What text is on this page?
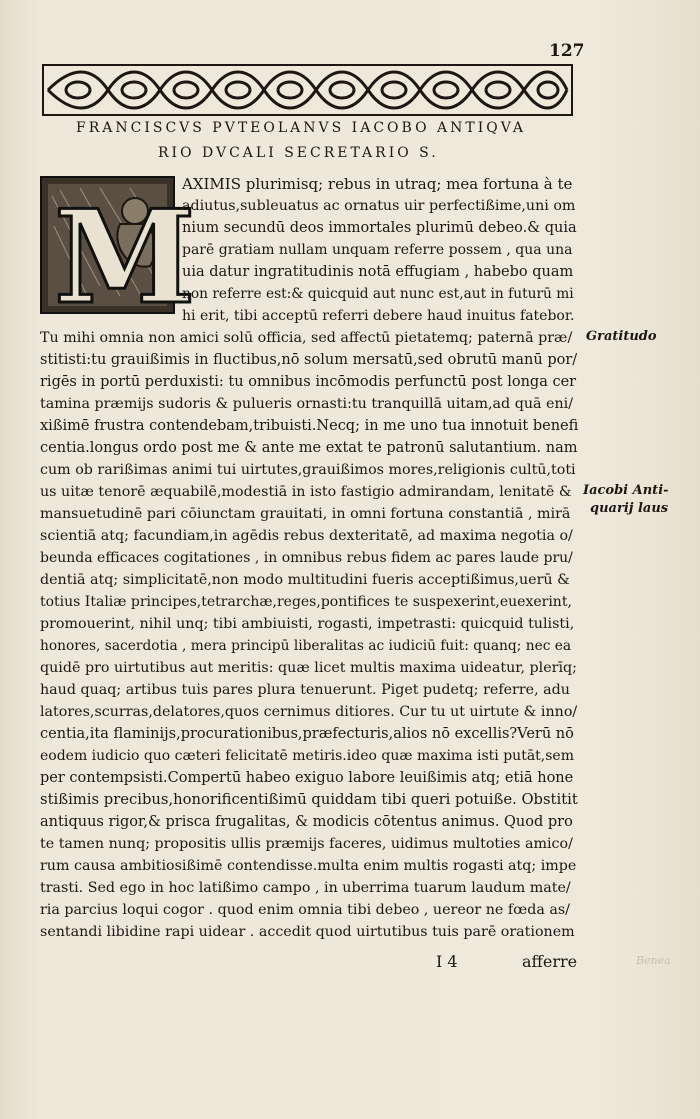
127
FRANCISCVS PVTEOLANVS IACOBO ANTIQVA
RIO DVCALI SECRETARIO S.
M
AXIMIS plurimisq; rebus in utraq; mea fortuna à te
adiutus,subleuatus ac ornatus uir perfectißime,uni om
nium secundū deos immortales plurimū debeo.& quia
parē gratiam nullam unquam referre possem , qua una
uia datur ingratitudinis notā effugiam , habebo quam
non referre est:& quicquid aut nunc est,aut in futurū mi
hi erit, tibi acceptū referri debere haud inuitus fatebor.
Tu mihi omnia non amici solū officia, sed affectū pietatemq; paternā præ/
stitisti:tu grauißimis in fluctibus,nō solum mersatū,sed obrutū manū por/
rigēs in portū perduxisti: tu omnibus incōmodis perfunctū post longa cer
tamina præmijs sudoris & pulueris ornasti:tu tranquillā uitam,ad quā eni/
xißimē frustra contendebam,tribuisti.Necq; in me uno tua innotuit benefi
centia.longus ordo post me & ante me extat te patronū salutantium. nam
cum ob rarißimas animi tui uirtutes,grauißimos mores,religionis cultū,toti
us uitæ tenorē æquabilē,modestiā in isto fastigio admirandam, lenitatē &
mansuetudinē pari cōiunctam grauitati, in omni fortuna constantiā , mirā
scientiā atq; facundiam,in agēdis rebus dexteritatē, ad maxima negotia o/
beunda efficaces cogitationes , in omnibus rebus fidem ac pares laude pru/
dentiā atq; simplicitatē,non modo multitudini fueris acceptißimus,uerū &
totius Italiæ principes,tetrarchæ,reges,pontifices te suspexerint,euexerint,
promouerint, nihil unq; tibi ambiuisti, rogasti, impetrasti: quicquid tulisti,
honores, sacerdotia , mera principū liberalitas ac iudiciū fuit: quanq; nec ea
quidē pro uirtutibus aut meritis: quæ licet multis maxima uideatur, plerīq;
haud quaq; artibus tuis pares plura tenuerunt. Piget pudetq; referre, adu
latores,scurras,delatores,quos cernimus ditiores. Cur tu ut uirtute & inno/
centia,ita flaminijs,procurationibus,præfecturis,alios nō excellis?Verū nō
eodem iudicio quo cæteri felicitatē metiris.ideo quæ maxima isti putāt,sem
per contempsisti.Compertū habeo exiguo labore leuißimis atq; etiā hone
stißimis precibus,honorificentißimū quiddam tibi queri potuiße. Obstitit
antiquus rigor,& prisca frugalitas, & modicis cōtentus animus. Quod pro
te tamen nunq; propositis ullis præmijs faceres, uidimus multoties amico/
rum causa ambitiosißimē contendisse.multa enim multis rogasti atq; impe
trasti. Sed ego in hoc latißimo campo , in uberrima tuarum laudum mate/
ria parcius loqui cogor . quod enim omnia tibi debeo , uereor ne fœda as/
sentandi libidine rapi uidear . accedit quod uirtutibus tuis parē orationem
Gratitudo
Iacobi Anti-
quarij laus
I 4	afferre	Benea
